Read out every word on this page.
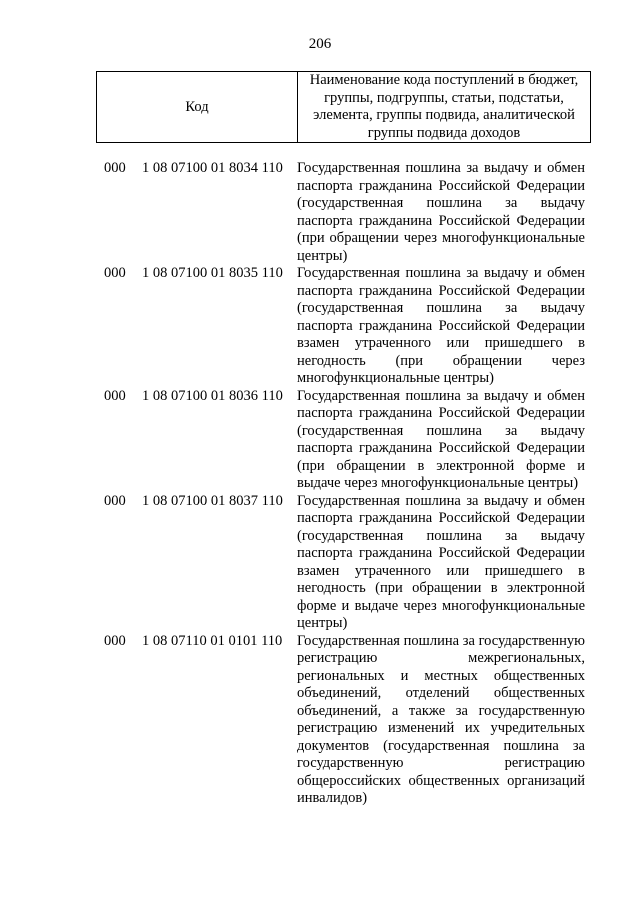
206
Код
Наименование кода поступлений в бюджет, группы, подгруппы, статьи, подстатьи, элемента, группы подвида, аналитической группы подвида доходов
000 1 08 07100 01 8034 110 Государственная пошлина за выдачу и обмен паспорта гражданина Российской Федерации (государственная пошлина за выдачу паспорта гражданина Российской Федерации (при обращении через многофункциональные центры)
000 1 08 07100 01 8035 110 Государственная пошлина за выдачу и обмен паспорта гражданина Российской Федерации (государственная пошлина за выдачу паспорта гражданина Российской Федерации взамен утраченного или пришедшего в негодность (при обращении через многофункциональные центры)
000 1 08 07100 01 8036 110 Государственная пошлина за выдачу и обмен паспорта гражданина Российской Федерации (государственная пошлина за выдачу паспорта гражданина Российской Федерации (при обращении в электронной форме и выдаче через многофункциональные центры)
000 1 08 07100 01 8037 110 Государственная пошлина за выдачу и обмен паспорта гражданина Российской Федерации (государственная пошлина за выдачу паспорта гражданина Российской Федерации взамен утраченного или пришедшего в негодность (при обращении в электронной форме и выдаче через многофункциональные центры)
000 1 08 07110 01 0101 110 Государственная пошлина за государственную регистрацию межрегиональных, региональных и местных общественных объединений, отделений общественных объединений, а также за государственную регистрацию изменений их учредительных документов (государственная пошлина за государственную регистрацию общероссийских общественных организаций инвалидов)
